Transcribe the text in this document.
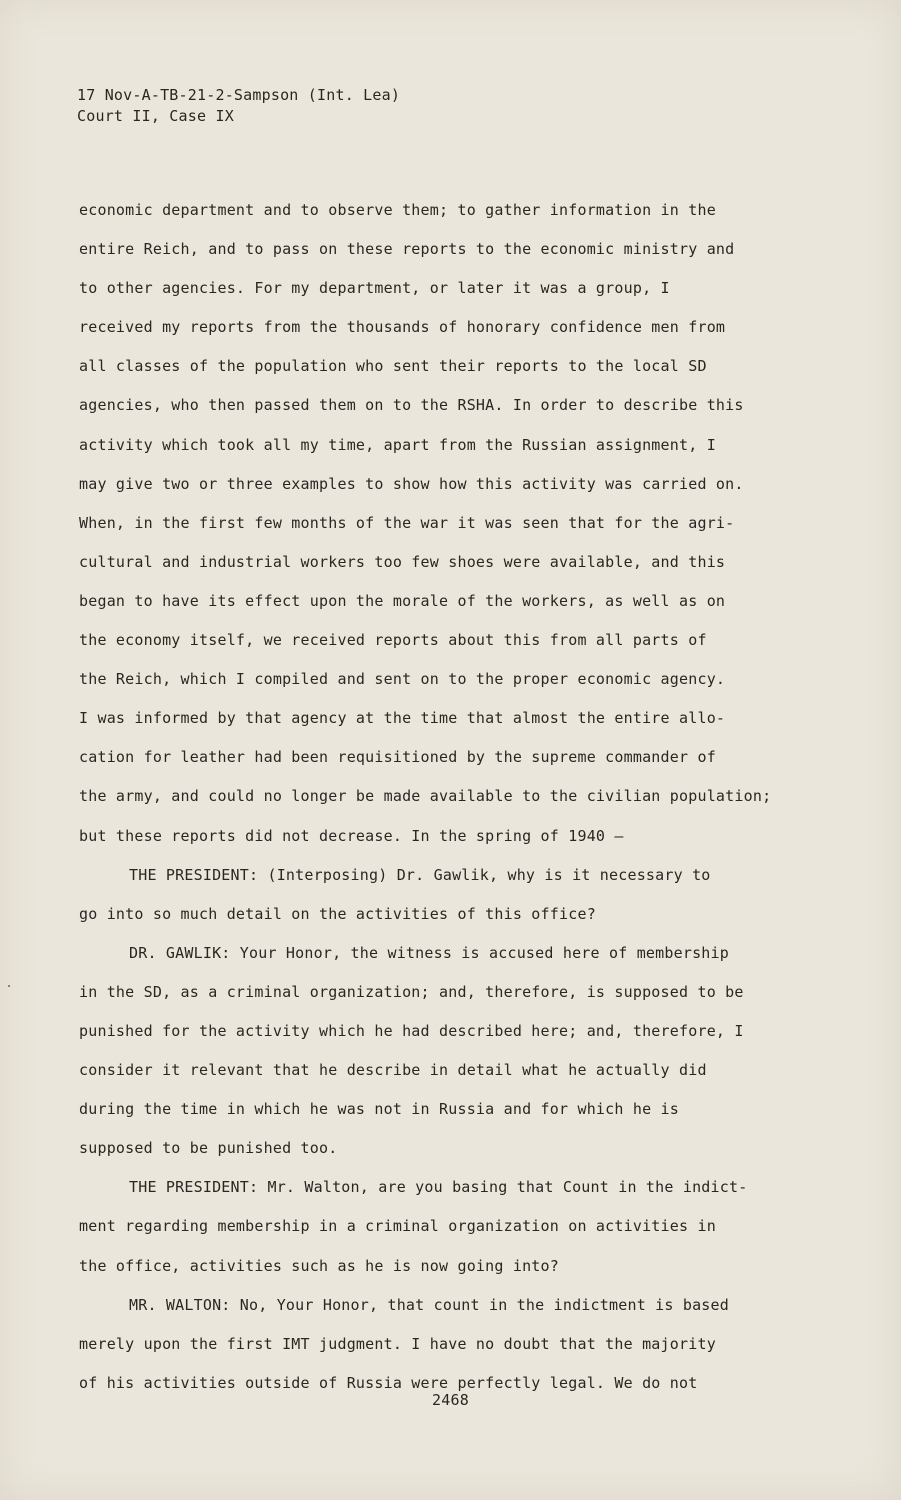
17 Nov-A-TB-21-2-Sampson (Int. Lea)
Court II, Case IX
economic department and to observe them; to gather information in the
entire Reich, and to pass on these reports to the economic ministry and
to other agencies. For my department, or later it was a group, I
received my reports from the thousands of honorary confidence men from
all classes of the population who sent their reports to the local SD
agencies, who then passed them on to the RSHA. In order to describe this
activity which took all my time, apart from the Russian assignment, I
may give two or three examples to show how this activity was carried on.
When, in the first few months of the war it was seen that for the agri-
cultural and industrial workers too few shoes were available, and this
began to have its effect upon the morale of the workers, as well as on
the economy itself, we received reports about this from all parts of
the Reich, which I compiled and sent on to the proper economic agency.
I was informed by that agency at the time that almost the entire allo-
cation for leather had been requisitioned by the supreme commander of
the army, and could no longer be made available to the civilian population;
but these reports did not decrease. In the spring of 1940 —
THE PRESIDENT: (Interposing) Dr. Gawlik, why is it necessary to
go into so much detail on the activities of this office?
DR. GAWLIK: Your Honor, the witness is accused here of membership
in the SD, as a criminal organization; and, therefore, is supposed to be
punished for the activity which he had described here; and, therefore, I
consider it relevant that he describe in detail what he actually did
during the time in which he was not in Russia and for which he is
supposed to be punished too.
THE PRESIDENT: Mr. Walton, are you basing that Count in the indict-
ment regarding membership in a criminal organization on activities in
the office, activities such as he is now going into?
MR. WALTON: No, Your Honor, that count in the indictment is based
merely upon the first IMT judgment. I have no doubt that the majority
of his activities outside of Russia were perfectly legal. We do not
2468
